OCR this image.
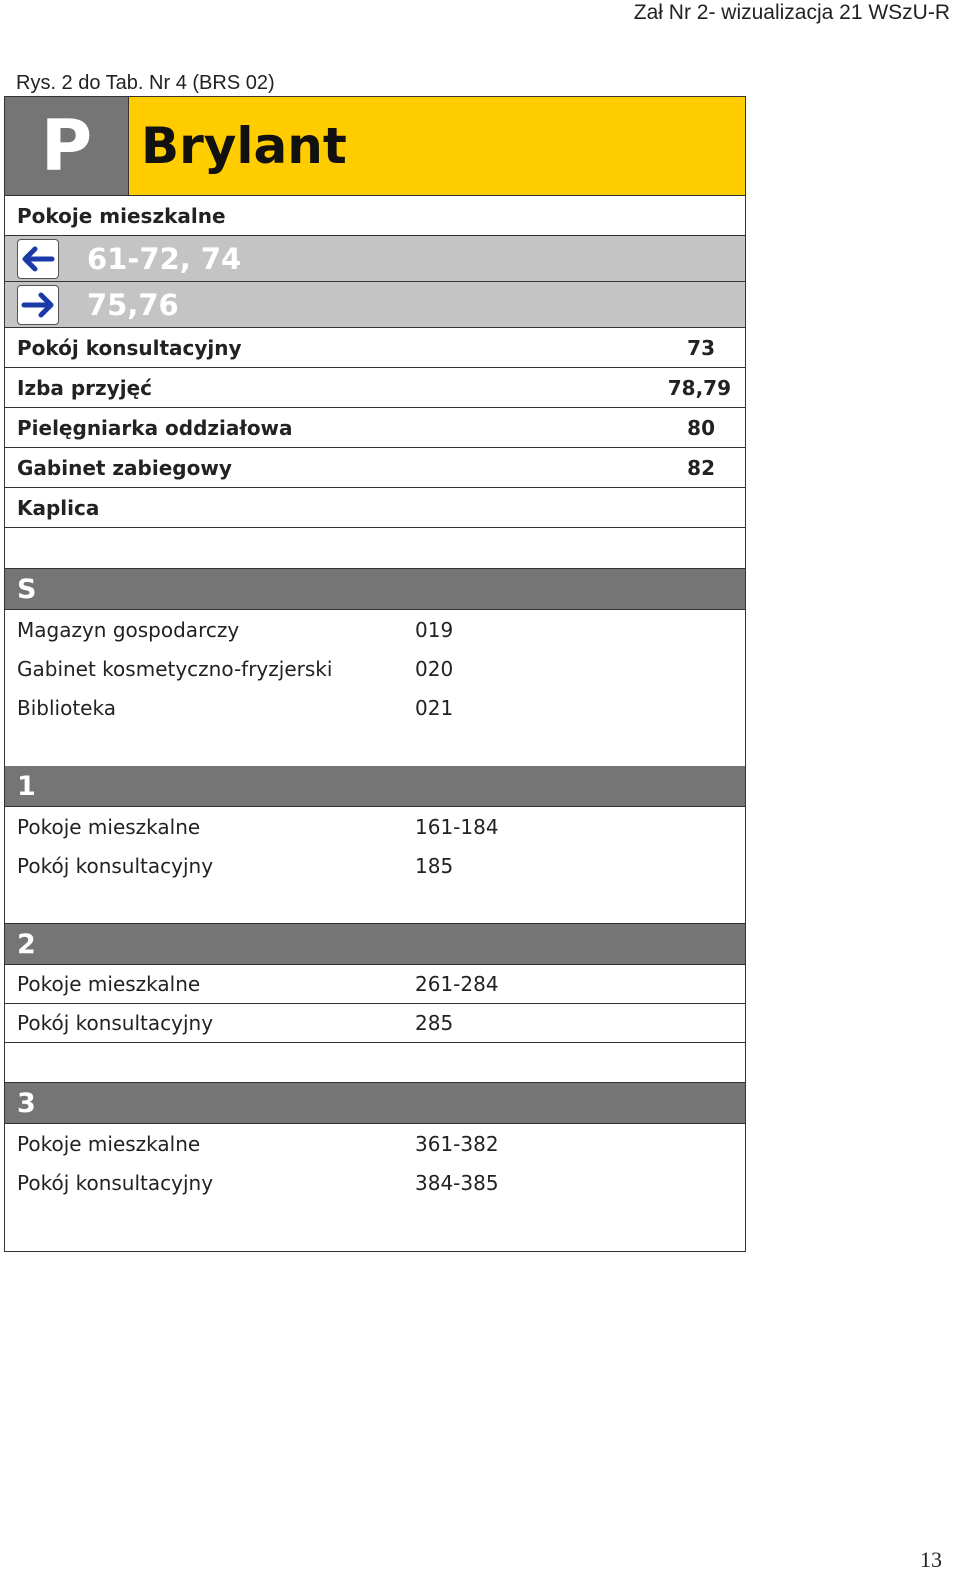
Zał Nr 2- wizualizacja 21 WSzU-R
Rys. 2 do Tab. Nr 4 (BRS 02)
P Brylant
Pokoje mieszkalne
61-72, 74
75,76
Pokój konsultacyjny	73
Izba przyjęć	78,79
Pielęgniarka oddziałowa	80
Gabinet zabiegowy	82
Kaplica
S
Magazyn gospodarczy	019
Gabinet kosmetyczno-fryzjerski	020
Biblioteka	021
1
Pokoje mieszkalne	161-184
Pokój konsultacyjny	185
2
Pokoje mieszkalne	261-284
Pokój konsultacyjny	285
3
Pokoje mieszkalne	361-382
Pokój konsultacyjny	384-385
13
